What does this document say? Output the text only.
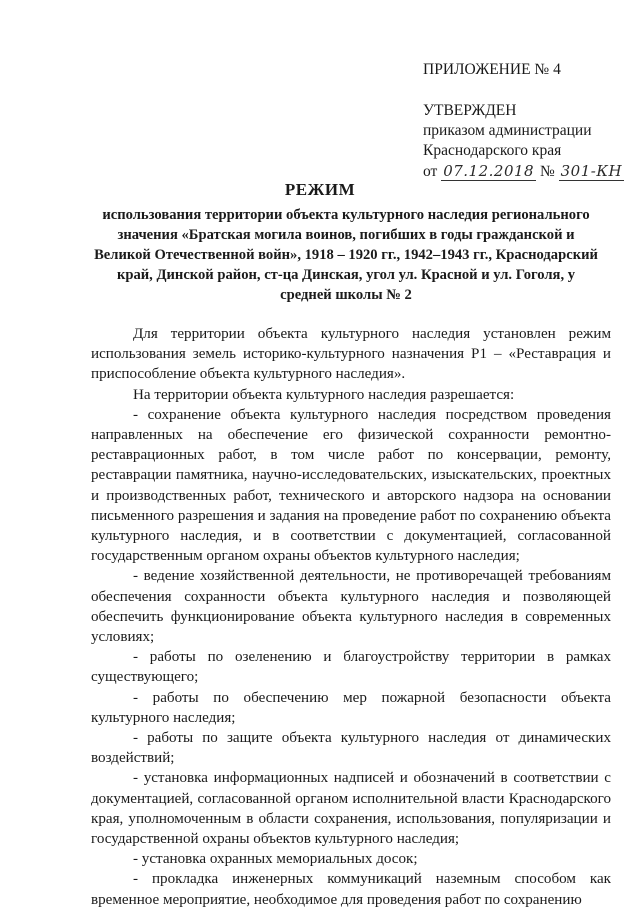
ПРИЛОЖЕНИЕ № 4

УТВЕРЖДЕН

приказом администрации

Краснодарского края

от 07.12.2018 № 301-КН

РЕЖИМ

использования территории объекта культурного наследия регионального значения «Братская могила воинов, погибших в годы гражданской и Великой Отечественной войн», 1918 – 1920 гг., 1942–1943 гг., Краснодарский край, Динской район, ст-ца Динская, угол ул. Красной и ул. Гоголя, у средней школы № 2

Для территории объекта культурного наследия установлен режим использования земель историко-культурного назначения Р1 – «Реставрация и приспособление объекта культурного наследия».

На территории объекта культурного наследия разрешается:

- сохранение объекта культурного наследия посредством проведения направленных на обеспечение его физической сохранности ремонтно-реставрационных работ, в том числе работ по консервации, ремонту, реставрации памятника, научно-исследовательских, изыскательских, проектных и производственных работ, технического и авторского надзора на основании письменного разрешения и задания на проведение работ по сохранению объекта культурного наследия, и в соответствии с документацией, согласованной государственным органом охраны объектов культурного наследия;

- ведение хозяйственной деятельности, не противоречащей требованиям обеспечения сохранности объекта культурного наследия и позволяющей обеспечить функционирование объекта культурного наследия в современных условиях;

- работы по озеленению и благоустройству территории в рамках существующего;

- работы по обеспечению мер пожарной безопасности объекта культурного наследия;

- работы по защите объекта культурного наследия от динамических воздействий;

- установка информационных надписей и обозначений в соответствии с документацией, согласованной органом исполнительной власти Краснодарского края, уполномоченным в области сохранения, использования, популяризации и государственной охраны объектов культурного наследия;

- установка охранных мемориальных досок;

- прокладка инженерных коммуникаций наземным способом как временное мероприятие, необходимое для проведения работ по сохранению
